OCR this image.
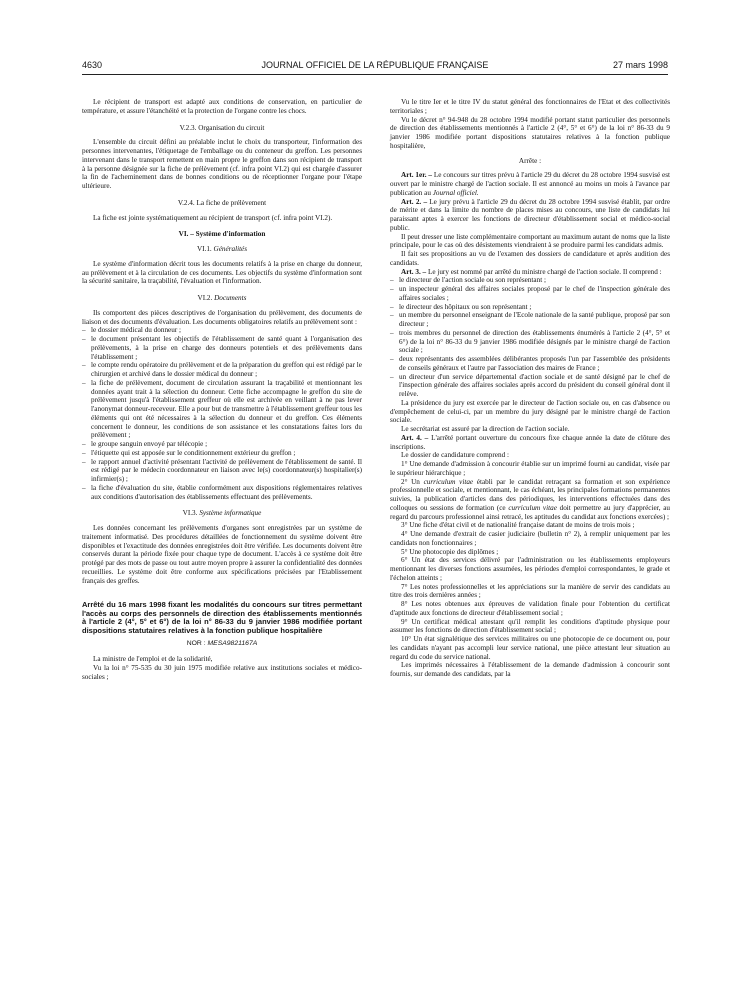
4630	JOURNAL OFFICIEL DE LA RÉPUBLIQUE FRANÇAISE	27 mars 1998

Le récipient de transport est adapté aux conditions de conservation, en particulier de température, et assure l'étanchéité et la protection de l'organe contre les chocs.

V.2.3. Organisation du circuit

L'ensemble du circuit défini au préalable inclut le choix du transporteur, l'information des personnes intervenantes, l'étiquetage de l'emballage ou du conteneur du greffon. Les personnes intervenant dans le transport remettent en main propre le greffon dans son récipient de transport à la personne désignée sur la fiche de prélèvement (cf. infra point VI.2) qui est chargée d'assurer la fin de l'acheminement dans de bonnes conditions ou de réceptionner l'organe pour l'étape ultérieure.

V.2.4. La fiche de prélèvement

La fiche est jointe systématiquement au récipient de transport (cf. infra point VI.2).

VI. – Système d'information

VI.1. Généralités

Le système d'information décrit tous les documents relatifs à la prise en charge du donneur, au prélèvement et à la circulation de ces documents. Les objectifs du système d'information sont la sécurité sanitaire, la traçabilité, l'évaluation et l'information.

VI.2. Documents

Ils comportent des pièces descriptives de l'organisation du prélèvement, des documents de liaison et des documents d'évaluation. Les documents obligatoires relatifs au prélèvement sont :

– le dossier médical du donneur ;
– le document présentant les objectifs de l'établissement de santé quant à l'organisation des prélèvements, à la prise en charge des donneurs potentiels et des prélèvements dans l'établissement ;
– le compte rendu opératoire du prélèvement et de la préparation du greffon qui est rédigé par le chirurgien et archivé dans le dossier médical du donneur ;
– la fiche de prélèvement, document de circulation assurant la traçabilité et mentionnant les données ayant trait à la sélection du donneur. Cette fiche accompagne le greffon du site de prélèvement jusqu'à l'établissement greffeur où elle est archivée en veillant à ne pas lever l'anonymat donneur-receveur. Elle a pour but de transmettre à l'établissement greffeur tous les éléments qui ont été nécessaires à la sélection du donneur et du greffon. Ces éléments concernent le donneur, les conditions de son assistance et les constatations faites lors du prélèvement ;
– le groupe sanguin envoyé par télécopie ;
– l'étiquette qui est apposée sur le conditionnement extérieur du greffon ;
– le rapport annuel d'activité présentant l'activité de prélèvement de l'établissement de santé. Il est rédigé par le médecin coordonnateur en liaison avec le(s) coordonnateur(s) hospitalier(s) infirmier(s) ;
– la fiche d'évaluation du site, établie conformément aux dispositions réglementaires relatives aux conditions d'autorisation des établissements effectuant des prélèvements.

VI.3. Système informatique

Les données concernant les prélèvements d'organes sont enregistrées par un système de traitement informatisé. Des procédures détaillées de fonctionnement du système doivent être disponibles et l'exactitude des données enregistrées doit être vérifiée. Les documents doivent être conservés durant la période fixée pour chaque type de document. L'accès à ce système doit être protégé par des mots de passe ou tout autre moyen propre à assurer la confidentialité des données recueillies. Le système doit être conforme aux spécifications précisées par l'Etablissement français des greffes.

Arrêté du 16 mars 1998 fixant les modalités du concours sur titres permettant l'accès au corps des personnels de direction des établissements mentionnés à l'article 2 (4°, 5° et 6°) de la loi n° 86-33 du 9 janvier 1986 modifiée portant dispositions statutaires relatives à la fonction publique hospitalière
NOR : MESA9821167A

La ministre de l'emploi et de la solidarité,

Vu la loi n° 75-535 du 30 juin 1975 modifiée relative aux institutions sociales et médico-sociales ;

Vu le titre Ier et le titre IV du statut général des fonctionnaires de l'Etat et des collectivités territoriales ;

Vu le décret n° 94-948 du 28 octobre 1994 modifié portant statut particulier des personnels de direction des établissements mentionnés à l'article 2 (4°, 5° et 6°) de la loi n° 86-33 du 9 janvier 1986 modifiée portant dispositions statutaires relatives à la fonction publique hospitalière,

Arrête :

Art. 1er. – Le concours sur titres prévu à l'article 29 du décret du 28 octobre 1994 susvisé est ouvert par le ministre chargé de l'action sociale. Il est annoncé au moins un mois à l'avance par publication au Journal officiel.

Art. 2. – Le jury prévu à l'article 29 du décret du 28 octobre 1994 susvisé établit, par ordre de mérite et dans la limite du nombre de places mises au concours, une liste de candidats lui paraissant aptes à exercer les fonctions de directeur d'établissement social et médico-social public.

Il peut dresser une liste complémentaire comportant au maximum autant de noms que la liste principale, pour le cas où des désistements viendraient à se produire parmi les candidats admis.

Il fait ses propositions au vu de l'examen des dossiers de candidature et après audition des candidats.

Art. 3. – Le jury est nommé par arrêté du ministre chargé de l'action sociale. Il comprend :

– le directeur de l'action sociale ou son représentant ;
– un inspecteur général des affaires sociales proposé par le chef de l'inspection générale des affaires sociales ;
– le directeur des hôpitaux ou son représentant ;
– un membre du personnel enseignant de l'Ecole nationale de la santé publique, proposé par son directeur ;
– trois membres du personnel de direction des établissements énumérés à l'article 2 (4°, 5° et 6°) de la loi n° 86-33 du 9 janvier 1986 modifiée désignés par le ministre chargé de l'action sociale ;
– deux représentants des assemblées délibérantes proposés l'un par l'assemblée des présidents de conseils généraux et l'autre par l'association des maires de France ;
– un directeur d'un service départemental d'action sociale et de santé désigné par le chef de l'inspection générale des affaires sociales après accord du président du conseil général dont il relève.

La présidence du jury est exercée par le directeur de l'action sociale ou, en cas d'absence ou d'empêchement de celui-ci, par un membre du jury désigné par le ministre chargé de l'action sociale.

Le secrétariat est assuré par la direction de l'action sociale.

Art. 4. – L'arrêté portant ouverture du concours fixe chaque année la date de clôture des inscriptions.

Le dossier de candidature comprend :

1° Une demande d'admission à concourir établie sur un imprimé fourni au candidat, visée par le supérieur hiérarchique ;

2° Un curriculum vitae établi par le candidat retraçant sa formation et son expérience professionnelle et sociale, et mentionnant, le cas échéant, les principales formations permanentes suivies, la publication d'articles dans des périodiques, les interventions effectuées dans des colloques ou sessions de formation (ce curriculum vitae doit permettre au jury d'apprécier, au regard du parcours professionnel ainsi retracé, les aptitudes du candidat aux fonctions exercées) ;

3° Une fiche d'état civil et de nationalité française datant de moins de trois mois ;

4° Une demande d'extrait de casier judiciaire (bulletin n° 2), à remplir uniquement par les candidats non fonctionnaires ;

5° Une photocopie des diplômes ;

6° Un état des services délivré par l'administration ou les établissements employeurs mentionnant les diverses fonctions assumées, les périodes d'emploi correspondantes, le grade et l'échelon atteints ;

7° Les notes professionnelles et les appréciations sur la manière de servir des candidats au titre des trois dernières années ;

8° Les notes obtenues aux épreuves de validation finale pour l'obtention du certificat d'aptitude aux fonctions de directeur d'établissement social ;

9° Un certificat médical attestant qu'il remplit les conditions d'aptitude physique pour assumer les fonctions de direction d'établissement social ;

10° Un état signalétique des services militaires ou une photocopie de ce document ou, pour les candidats n'ayant pas accompli leur service national, une pièce attestant leur situation au regard du code du service national.

Les imprimés nécessaires à l'établissement de la demande d'admission à concourir sont fournis, sur demande des candidats, par la
